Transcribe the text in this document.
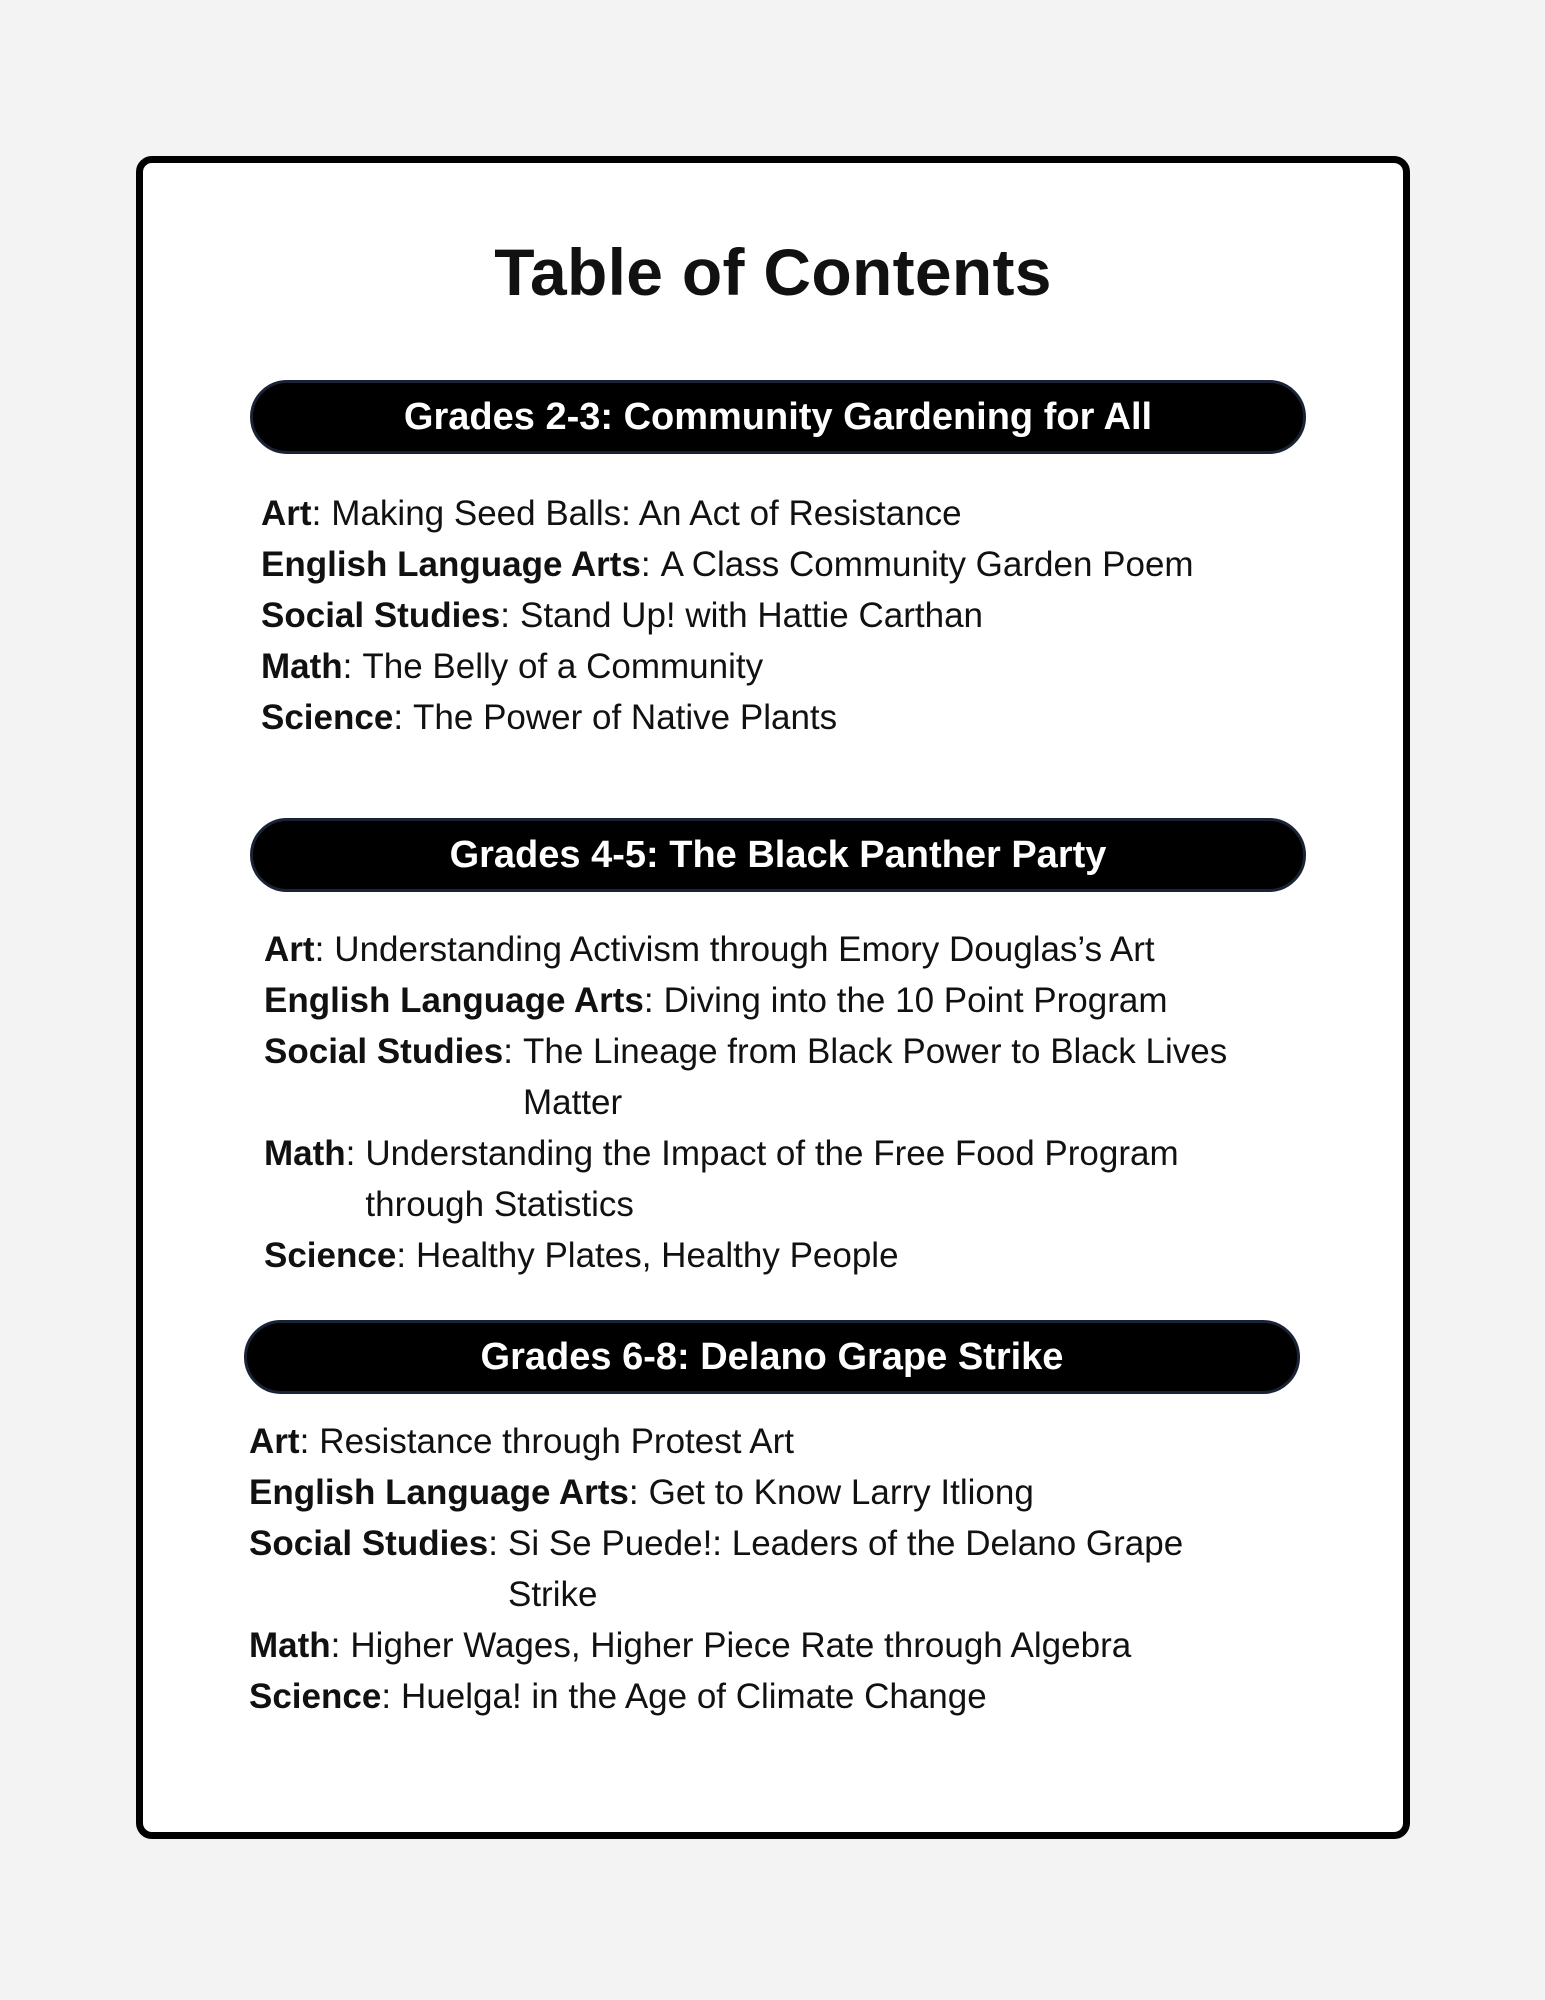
Table of Contents
Grades 2-3: Community Gardening for All
Art : Making Seed Balls: An Act of Resistance
English Language Arts : A Class Community Garden Poem
Social Studies : Stand Up! with Hattie Carthan
Math : The Belly of a Community
Science : The Power of Native Plants
Grades 4-5: The Black Panther Party
Art : Understanding Activism through Emory Douglas’s Art
English Language Arts : Diving into the 10 Point Program
Social Studies : The Lineage from Black Power to Black Lives Matter
Math : Understanding the Impact of the Free Food Program through Statistics
Science : Healthy Plates, Healthy People
Grades 6-8: Delano Grape Strike
Art : Resistance through Protest Art
English Language Arts : Get to Know Larry Itliong
Social Studies : Si Se Puede!: Leaders of the Delano Grape Strike
Math : Higher Wages, Higher Piece Rate through Algebra
Science : Huelga! in the Age of Climate Change
